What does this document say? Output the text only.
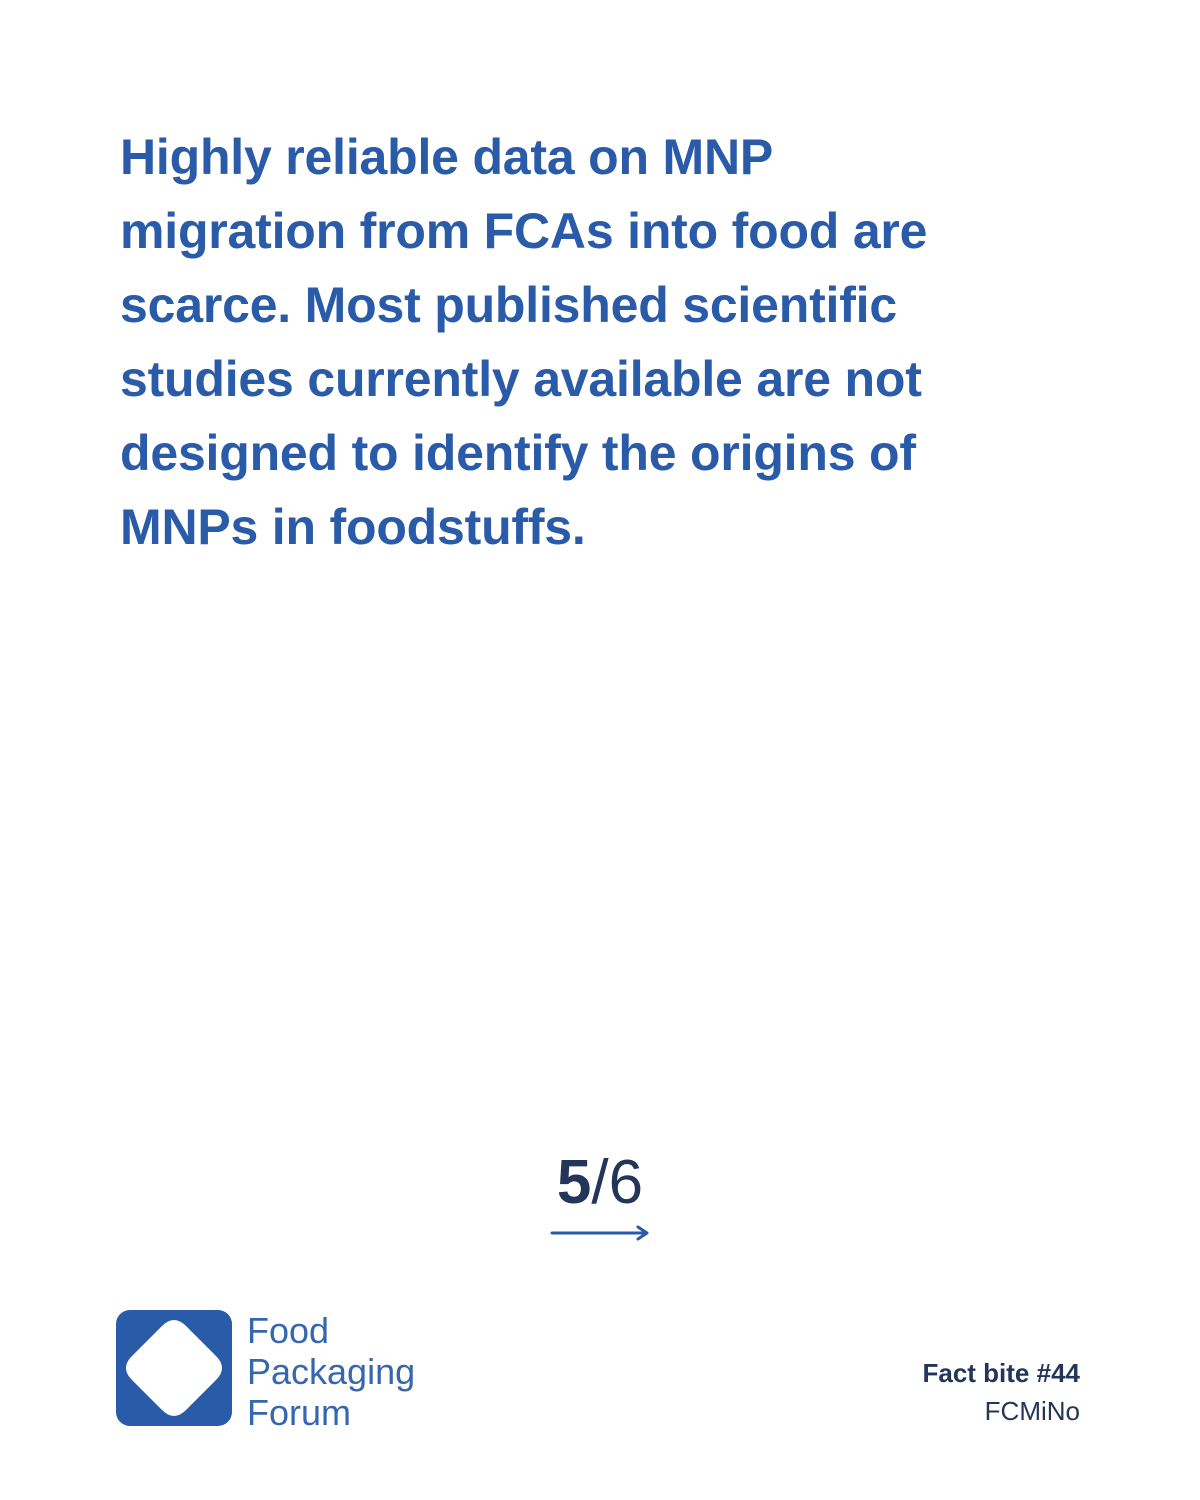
Highly reliable data on MNP
migration from FCAs into food are
scarce. Most published scientific
studies currently available are not
designed to identify the origins of
MNPs in foodstuffs.
5/6
Food
Packaging
Forum
Fact bite #44
FCMiNo
